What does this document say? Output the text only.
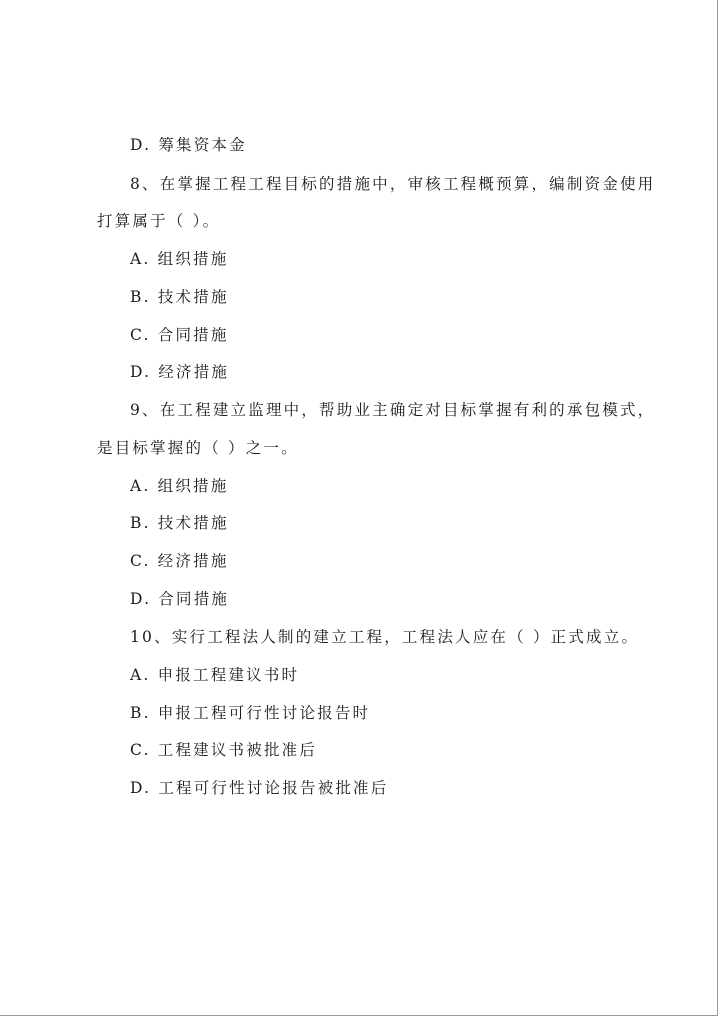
D. 筹集资本金
8、在掌握工程工程目标的措施中，审核工程概预算，编制资金使用
打算属于（ ）。
A. 组织措施
B. 技术措施
C. 合同措施
D. 经济措施
9、在工程建立监理中，帮助业主确定对目标掌握有利的承包模式，
是目标掌握的（ ）之一。
A. 组织措施
B. 技术措施
C. 经济措施
D. 合同措施
10、实行工程法人制的建立工程，工程法人应在（ ）正式成立。
A. 申报工程建议书时
B. 申报工程可行性讨论报告时
C. 工程建议书被批准后
D. 工程可行性讨论报告被批准后
